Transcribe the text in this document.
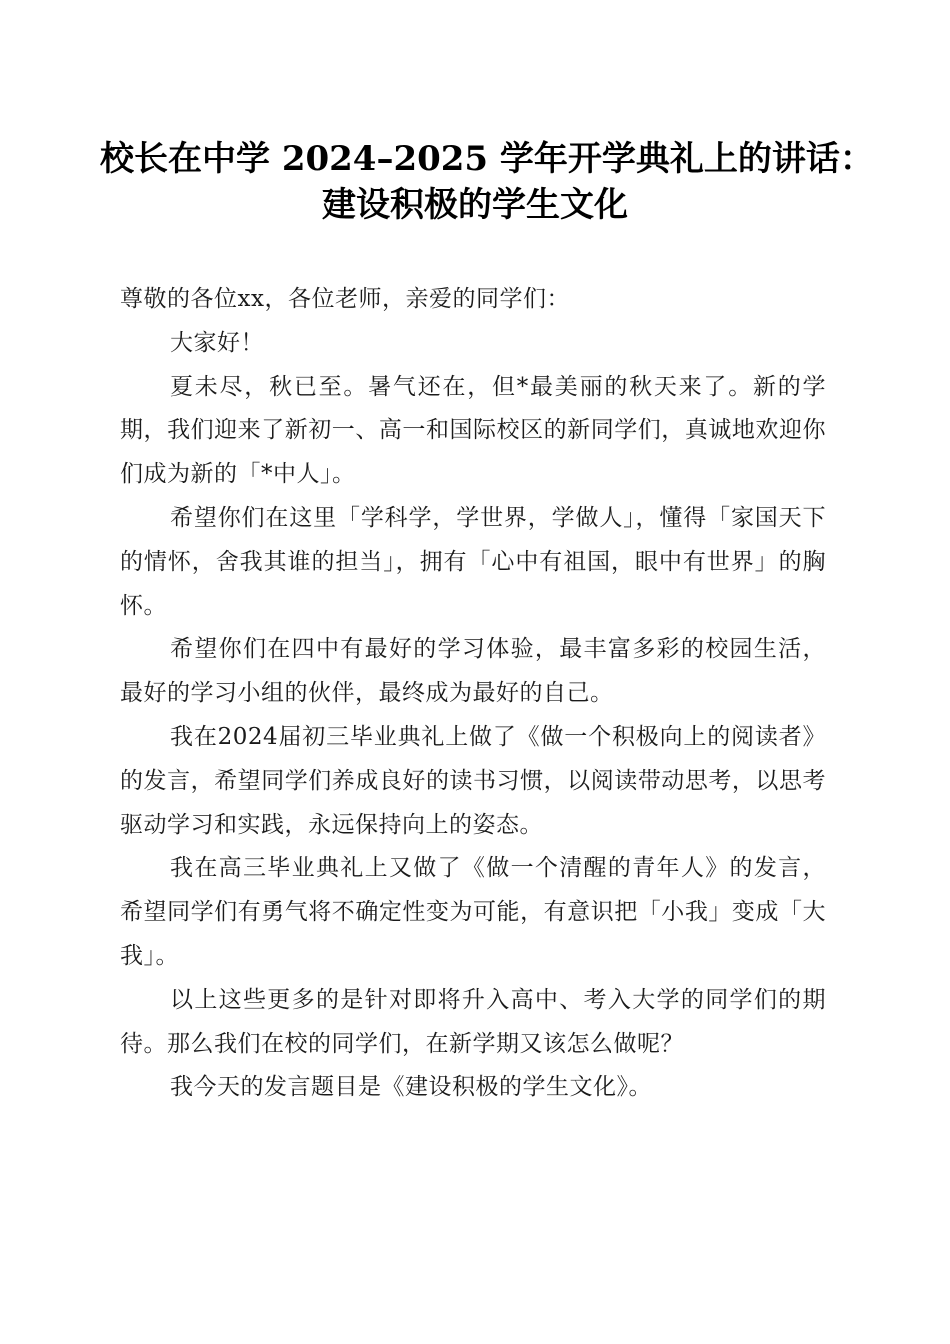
校长在中学 2024–2025 学年开学典礼上的讲话：
建设积极的学生文化

尊敬的各位xx，各位老师，亲爱的同学们：

大家好！

夏未尽，秋已至。暑气还在，但*最美丽的秋天来了。新的学期，我们迎来了新初一、高一和国际校区的新同学们，真诚地欢迎你们成为新的「*中人」。

希望你们在这里「学科学，学世界，学做人」，懂得「家国天下的情怀，舍我其谁的担当」，拥有「心中有祖国，眼中有世界」的胸怀。

希望你们在四中有最好的学习体验，最丰富多彩的校园生活，最好的学习小组的伙伴，最终成为最好的自己。

我在2024届初三毕业典礼上做了《做一个积极向上的阅读者》的发言，希望同学们养成良好的读书习惯，以阅读带动思考，以思考驱动学习和实践，永远保持向上的姿态。

我在高三毕业典礼上又做了《做一个清醒的青年人》的发言，希望同学们有勇气将不确定性变为可能，有意识把「小我」变成「大我」。

以上这些更多的是针对即将升入高中、考入大学的同学们的期待。那么我们在校的同学们，在新学期又该怎么做呢？

我今天的发言题目是《建设积极的学生文化》。
